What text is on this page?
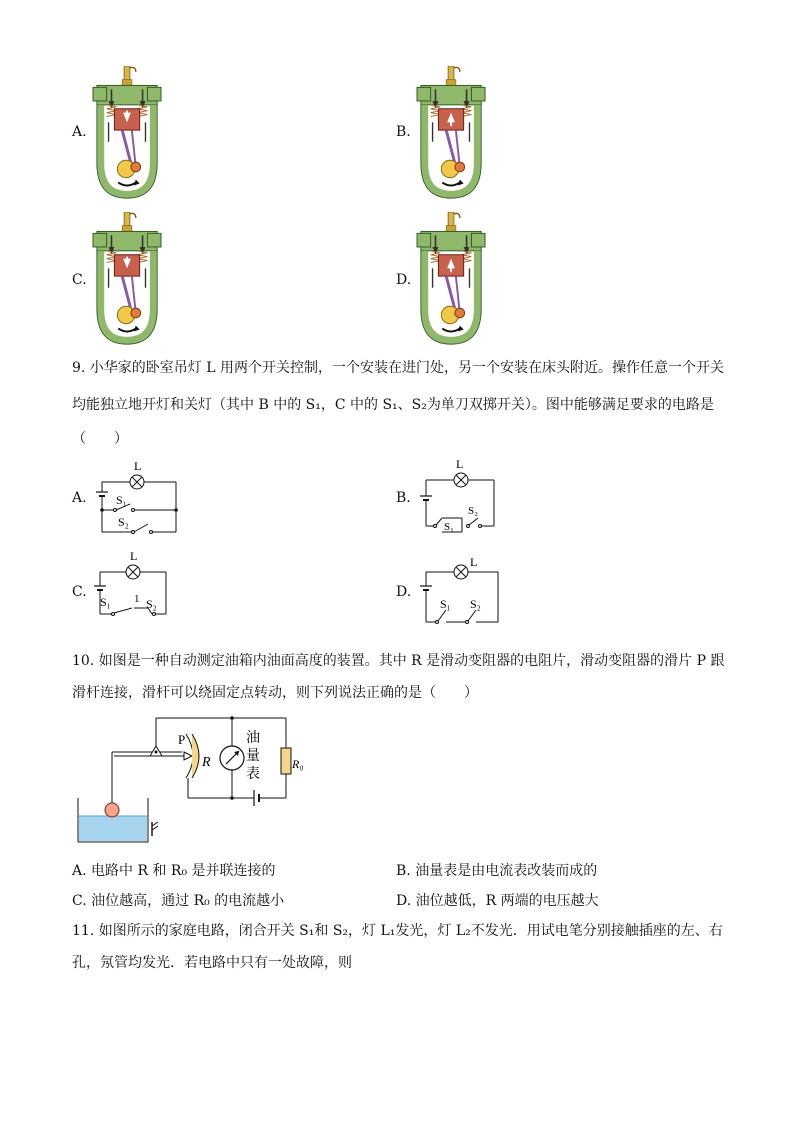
A.	B.
C.	D.
9. 小华家的卧室吊灯 L 用两个开关控制，一个安装在进门处，另一个安装在床头附近。操作任意一个开关
均能独立地开灯和关灯（其中 B 中的 S₁，C 中的 S₁、S₂为单刀双掷开关）。图中能够满足要求的电路是
（　　）
A.
L
S₁
S₂
B.
L
S₁
S₂
C.
L
S₁ 1 S₂
D.
L
S₁ S₂
10. 如图是一种自动测定油箱内油面高度的装置。其中 R 是滑动变阻器的电阻片，滑动变阻器的滑片 P 跟
滑杆连接，滑杆可以绕固定点转动，则下列说法正确的是（　　）
P
R
油
量
表
R₀
A. 电路中 R 和 R₀ 是并联连接的	B. 油量表是由电流表改装而成的
C. 油位越高，通过 R₀ 的电流越小	D. 油位越低，R 两端的电压越大
11. 如图所示的家庭电路，闭合开关 S₁和 S₂，灯 L₁发光，灯 L₂不发光．用试电笔分别接触插座的左、右
孔，氖管均发光．若电路中只有一处故障，则
